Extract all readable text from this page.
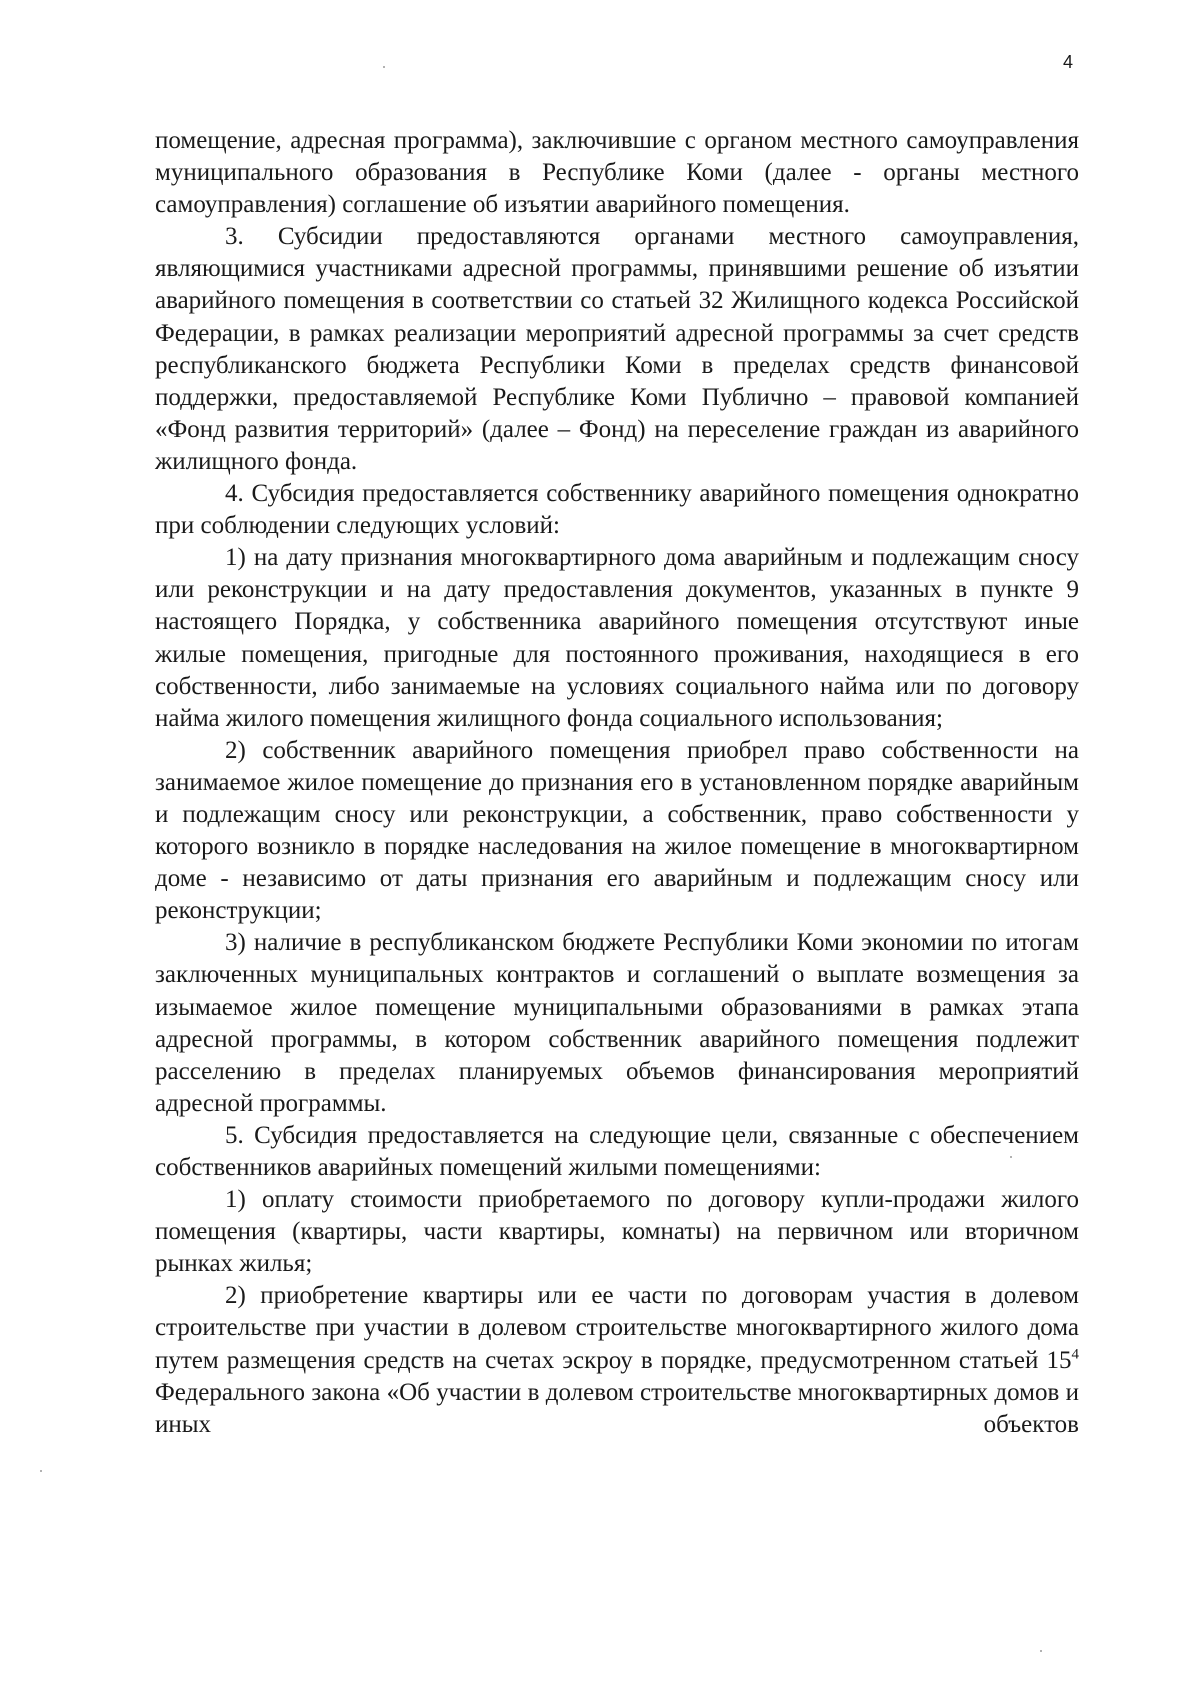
4

помещение, адресная программа), заключившие с органом местного самоуправления муниципального образования в Республике Коми (далее - органы местного самоуправления) соглашение об изъятии аварийного помещения.

3. Субсидии предоставляются органами местного самоуправления, являющимися участниками адресной программы, принявшими решение об изъятии аварийного помещения в соответствии со статьей 32 Жилищного кодекса Российской Федерации, в рамках реализации мероприятий адресной программы за счет средств республиканского бюджета Республики Коми в пределах средств финансовой поддержки, предоставляемой Республике Коми Публично – правовой компанией «Фонд развития территорий» (далее – Фонд) на переселение граждан из аварийного жилищного фонда.

4. Субсидия предоставляется собственнику аварийного помещения однократно при соблюдении следующих условий:

1) на дату признания многоквартирного дома аварийным и подлежащим сносу или реконструкции и на дату предоставления документов, указанных в пункте 9 настоящего Порядка, у собственника аварийного помещения отсутствуют иные жилые помещения, пригодные для постоянного проживания, находящиеся в его собственности, либо занимаемые на условиях социального найма или по договору найма жилого помещения жилищного фонда социального использования;

2) собственник аварийного помещения приобрел право собственности на занимаемое жилое помещение до признания его в установленном порядке аварийным и подлежащим сносу или реконструкции, а собственник, право собственности у которого возникло в порядке наследования на жилое помещение в многоквартирном доме - независимо от даты признания его аварийным и подлежащим сносу или реконструкции;

3) наличие в республиканском бюджете Республики Коми экономии по итогам заключенных муниципальных контрактов и соглашений о выплате возмещения за изымаемое жилое помещение муниципальными образованиями в рамках этапа адресной программы, в котором собственник аварийного помещения подлежит расселению в пределах планируемых объемов финансирования мероприятий адресной программы.

5. Субсидия предоставляется на следующие цели, связанные с обеспечением собственников аварийных помещений жилыми помещениями:

1) оплату стоимости приобретаемого по договору купли-продажи жилого помещения (квартиры, части квартиры, комнаты) на первичном или вторичном рынках жилья;

2) приобретение квартиры или ее части по договорам участия в долевом строительстве при участии в долевом строительстве многоквартирного жилого дома путем размещения средств на счетах эскроу в порядке, предусмотренном статьей $15^4$ Федерального закона «Об участии в долевом строительстве многоквартирных домов и иных объектов
